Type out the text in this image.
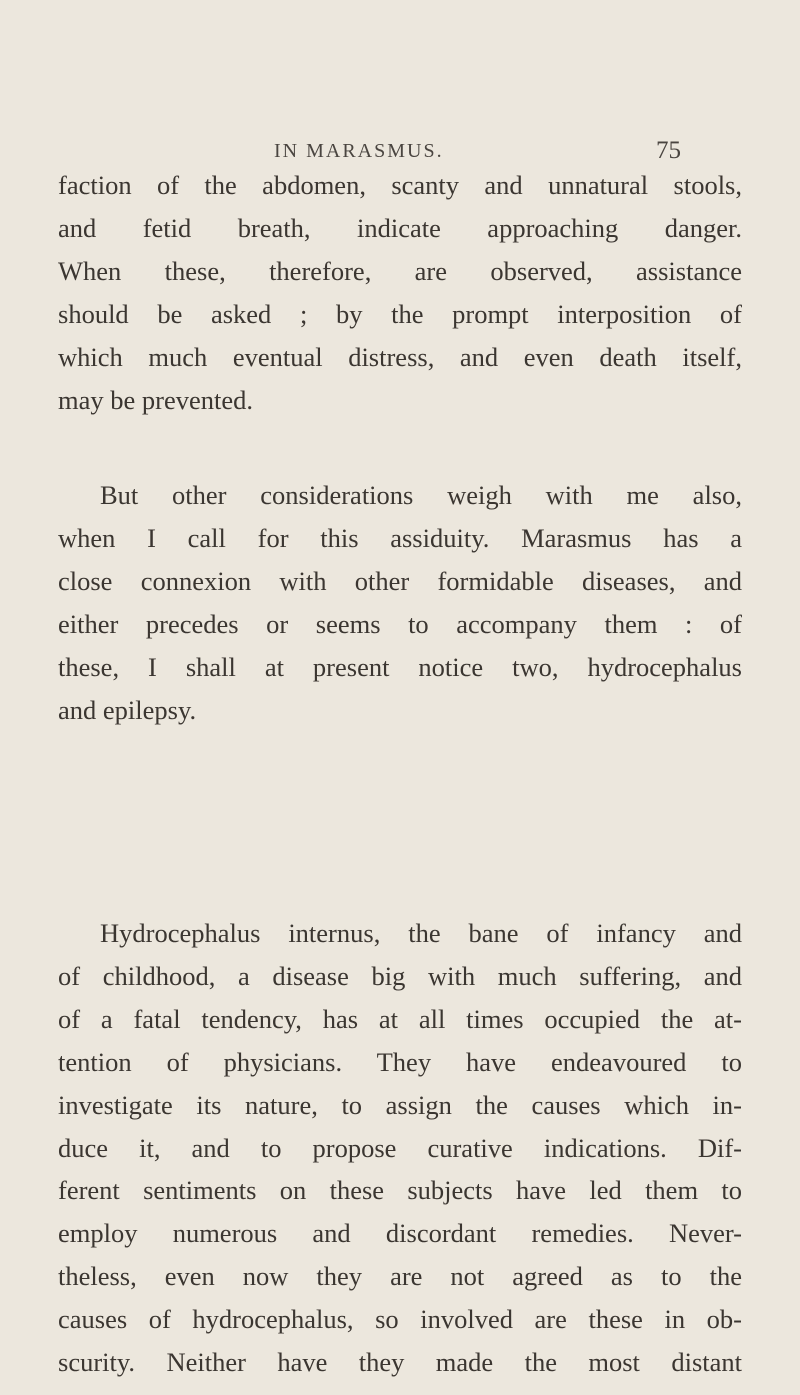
IN MARASMUS.	75
faction of the abdomen, scanty and unnatural stools,
and fetid breath, indicate approaching danger.
When these, therefore, are observed, assistance
should be asked ; by the prompt interposition of
which much eventual distress, and even death itself,
may be prevented.
But other considerations weigh with me also,
when I call for this assiduity. Marasmus has a
close connexion with other formidable diseases, and
either precedes or seems to accompany them : of
these, I shall at present notice two, hydrocephalus
and epilepsy.
Hydrocephalus internus, the bane of infancy and
of childhood, a disease big with much suffering, and
of a fatal tendency, has at all times occupied the at-
tention of physicians. They have endeavoured to
investigate its nature, to assign the causes which in-
duce it, and to propose curative indications. Dif-
ferent sentiments on these subjects have led them to
employ numerous and discordant remedies. Never-
theless, even now they are not agreed as to the
causes of hydrocephalus, so involved are these in ob-
scurity. Neither have they made the most distant
